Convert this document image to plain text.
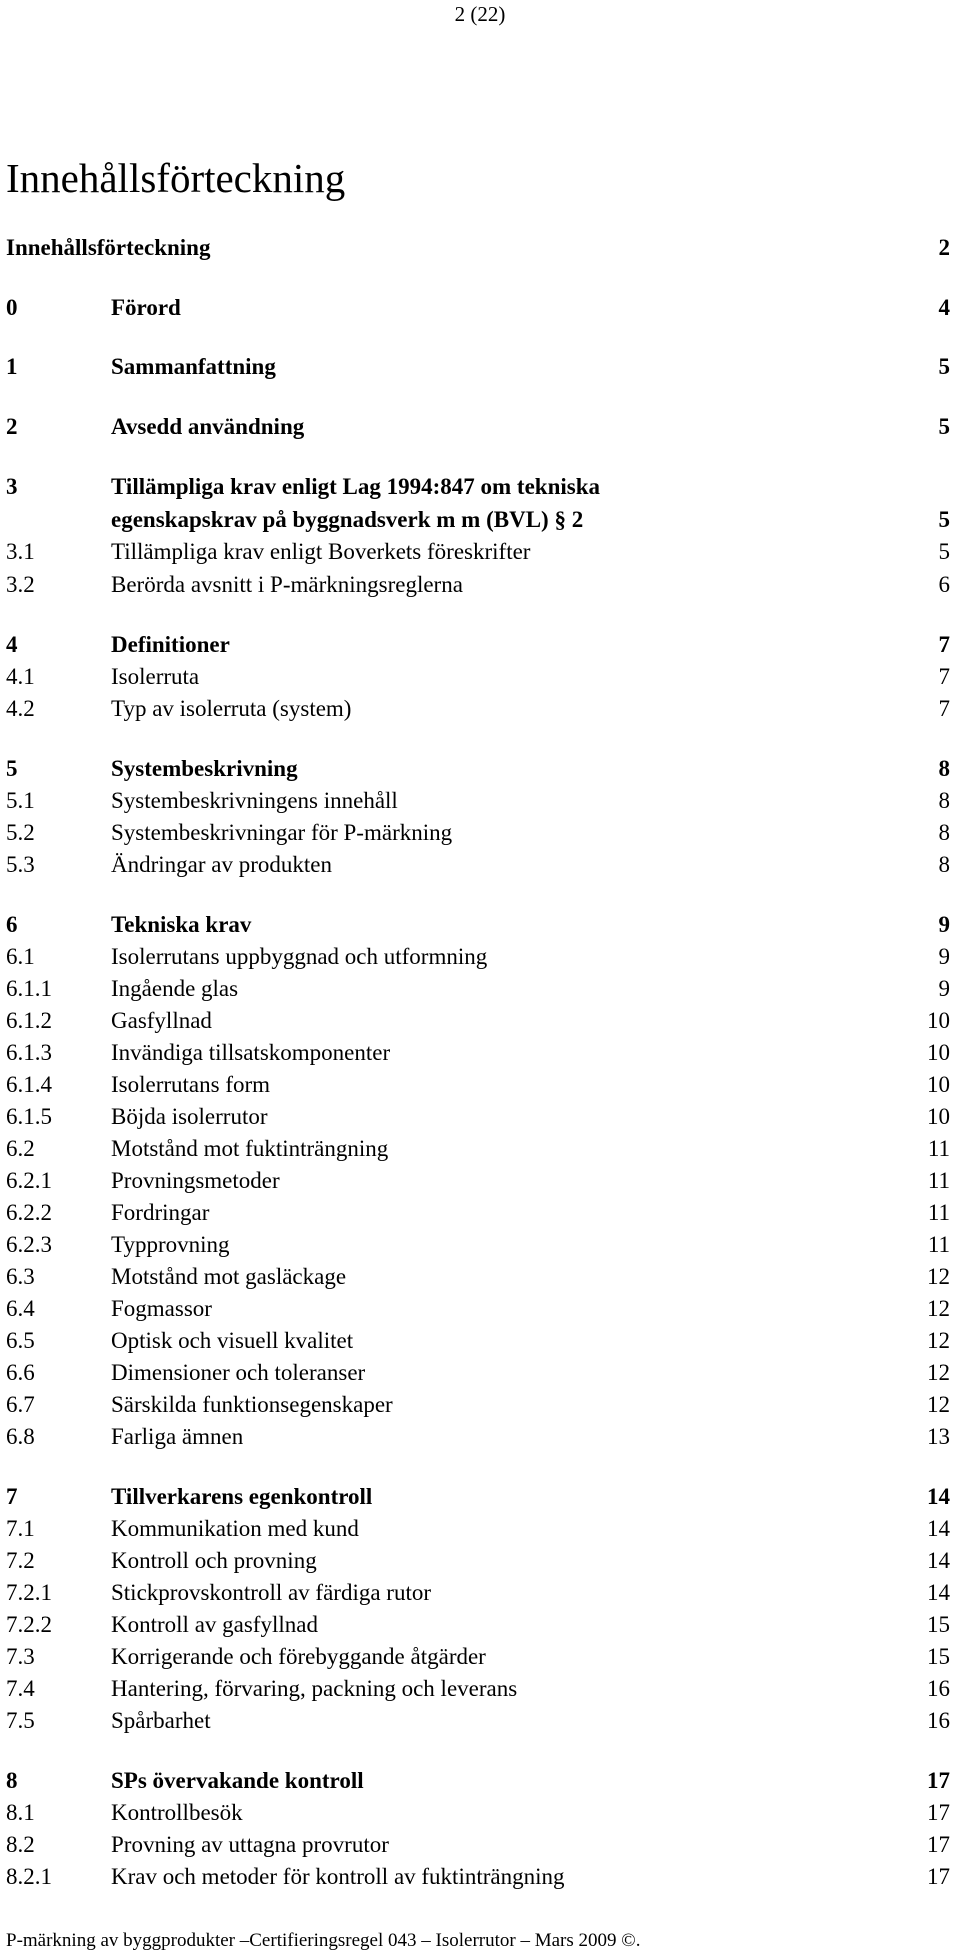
2 (22)
Innehållsförteckning
Innehållsförteckning	2
0	Förord	4
1	Sammanfattning	5
2	Avsedd användning	5
3	Tillämpliga krav enligt Lag 1994:847 om tekniska
egenskapskrav på byggnadsverk m m (BVL) § 2	5
3.1	Tillämpliga krav enligt Boverkets föreskrifter	5
3.2	Berörda avsnitt i P-märkningsreglerna	6
4	Definitioner	7
4.1	Isolerruta	7
4.2	Typ av isolerruta (system)	7
5	Systembeskrivning	8
5.1	Systembeskrivningens innehåll	8
5.2	Systembeskrivningar för P-märkning	8
5.3	Ändringar av produkten	8
6	Tekniska krav	9
6.1	Isolerrutans uppbyggnad och utformning	9
6.1.1	Ingående glas	9
6.1.2	Gasfyllnad	10
6.1.3	Invändiga tillsatskomponenter	10
6.1.4	Isolerrutans form	10
6.1.5	Böjda isolerrutor	10
6.2	Motstånd mot fuktinträngning	11
6.2.1	Provningsmetoder	11
6.2.2	Fordringar	11
6.2.3	Typprovning	11
6.3	Motstånd mot gasläckage	12
6.4	Fogmassor	12
6.5	Optisk och visuell kvalitet	12
6.6	Dimensioner och toleranser	12
6.7	Särskilda funktionsegenskaper	12
6.8	Farliga ämnen	13
7	Tillverkarens egenkontroll	14
7.1	Kommunikation med kund	14
7.2	Kontroll och provning	14
7.2.1	Stickprovskontroll av färdiga rutor	14
7.2.2	Kontroll av gasfyllnad	15
7.3	Korrigerande och förebyggande åtgärder	15
7.4	Hantering, förvaring, packning och leverans	16
7.5	Spårbarhet	16
8	SPs övervakande kontroll	17
8.1	Kontrollbesök	17
8.2	Provning av uttagna provrutor	17
8.2.1	Krav och metoder för kontroll av fuktinträngning	17
P-märkning av byggprodukter –Certifieringsregel 043 – Isolerrutor – Mars 2009 ©.
